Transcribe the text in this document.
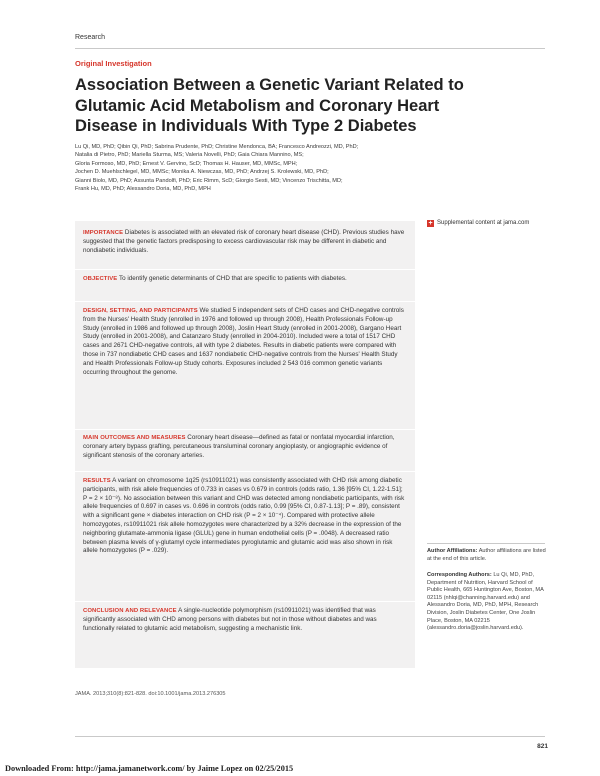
Research
Original Investigation
Association Between a Genetic Variant Related to Glutamic Acid Metabolism and Coronary Heart Disease in Individuals With Type 2 Diabetes
Lu Qi, MD, PhD; Qibin Qi, PhD; Sabrina Prudente, PhD; Christine Mendonca, BA; Francesco Andreozzi, MD, PhD;
Natalia di Pietro, PhD; Mariella Sturma, MS; Valeria Novelli, PhD; Gaia Chiara Mannino, MS;
Gloria Formoso, MD, PhD; Ernest V. Gervino, ScD; Thomas H. Hauser, MD, MMSc, MPH;
Jochen D. Muehlschlegel, MD, MMSc; Monika A. Niewczas, MD, PhD; Andrzej S. Krolewski, MD, PhD;
Gianni Biolo, MD, PhD; Assunta Pandolfi, PhD; Eric Rimm, ScD; Giorgio Sesti, MD; Vincenzo Trischitta, MD;
Frank Hu, MD, PhD; Alessandro Doria, MD, PhD, MPH

IMPORTANCE Diabetes is associated with an elevated risk of coronary heart disease (CHD). Previous studies have suggested that the genetic factors predisposing to excess cardiovascular risk may be different in diabetic and nondiabetic individuals.

OBJECTIVE To identify genetic determinants of CHD that are specific to patients with diabetes.

DESIGN, SETTING, AND PARTICIPANTS We studied 5 independent sets of CHD cases and CHD-negative controls from the Nurses' Health Study (enrolled in 1976 and followed up through 2008), Health Professionals Follow-up Study (enrolled in 1986 and followed up through 2008), Joslin Heart Study (enrolled in 2001-2008), Gargano Heart Study (enrolled in 2001-2008), and Catanzaro Study (enrolled in 2004-2010). Included were a total of 1517 CHD cases and 2671 CHD-negative controls, all with type 2 diabetes. Results in diabetic patients were compared with those in 737 nondiabetic CHD cases and 1637 nondiabetic CHD-negative controls from the Nurses' Health Study and Health Professionals Follow-up Study cohorts. Exposures included 2 543 016 common genetic variants occurring throughout the genome.

MAIN OUTCOMES AND MEASURES Coronary heart disease—defined as fatal or nonfatal myocardial infarction, coronary artery bypass grafting, percutaneous transluminal coronary angioplasty, or angiographic evidence of significant stenosis of the coronary arteries.

RESULTS A variant on chromosome 1q25 (rs10911021) was consistently associated with CHD risk among diabetic participants, with risk allele frequencies of 0.733 in cases vs 0.679 in controls (odds ratio, 1.36 [95% CI, 1.22-1.51]; P = 2 × 10⁻⁸). No association between this variant and CHD was detected among nondiabetic participants, with risk allele frequencies of 0.697 in cases vs. 0.696 in controls (odds ratio, 0.99 [95% CI, 0.87-1.13]; P = .89), consistent with a significant gene × diabetes interaction on CHD risk (P = 2 × 10⁻⁴). Compared with protective allele homozygotes, rs10911021 risk allele homozygotes were characterized by a 32% decrease in the expression of the neighboring glutamate-ammonia ligase (GLUL) gene in human endothelial cells (P = .0048). A decreased ratio between plasma levels of γ-glutamyl cycle intermediates pyroglutamic and glutamic acid was also shown in risk allele homozygotes (P = .029).

CONCLUSION AND RELEVANCE A single-nucleotide polymorphism (rs10911021) was identified that was significantly associated with CHD among persons with diabetes but not in those without diabetes and was functionally related to glutamic acid metabolism, suggesting a mechanistic link.

+ Supplemental content at jama.com
Author Affiliations: Author affiliations are listed at the end of this article.
Corresponding Authors: Lu Qi, MD, PhD, Department of Nutrition, Harvard School of Public Health, 665 Huntington Ave, Boston, MA 02115 (nhlqi@channing.harvard.edu) and Alessandro Doria, MD, PhD, MPH, Research Division, Joslin Diabetes Center, One Joslin Place, Boston, MA 02215 (alessandro.doria@joslin.harvard.edu).
JAMA. 2013;310(8):821-828. doi:10.1001/jama.2013.276305
821
Downloaded From: http://jama.jamanetwork.com/ by Jaime Lopez on 02/25/2015
